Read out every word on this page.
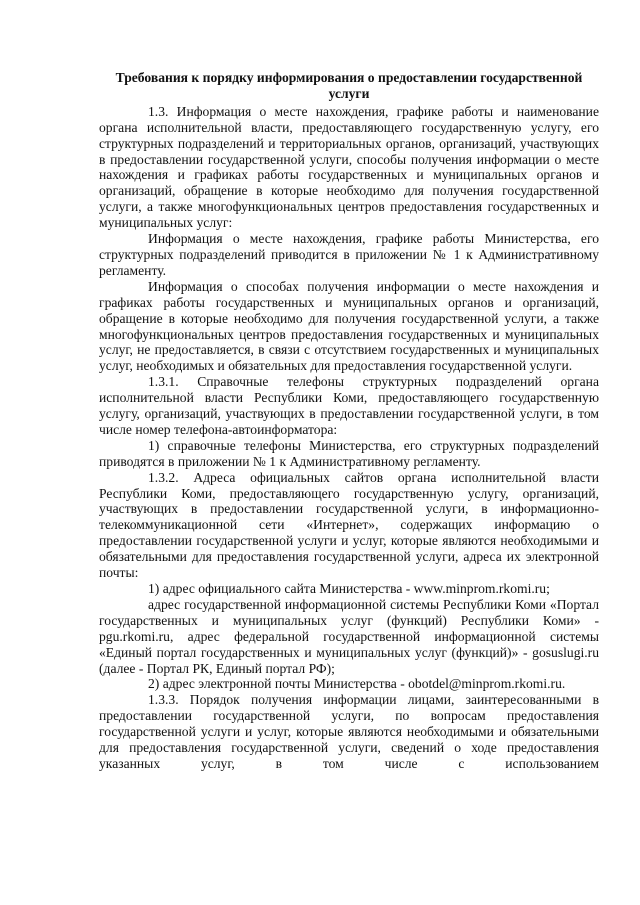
Требования к порядку информирования о предоставлении государственной услуги

1.3. Информация о месте нахождения, графике работы и наименование органа исполнительной власти, предоставляющего государственную услугу, его структурных подразделений и территориальных органов, организаций, участвующих в предоставлении государственной услуги, способы получения информации о месте нахождения и графиках работы государственных и муниципальных органов и организаций, обращение в которые необходимо для получения государственной услуги, а также многофункциональных центров предоставления государственных и муниципальных услуг:

Информация о месте нахождения, графике работы Министерства, его структурных подразделений приводится в приложении № 1 к Административному регламенту.

Информация о способах получения информации о месте нахождения и графиках работы государственных и муниципальных органов и организаций, обращение в которые необходимо для получения государственной услуги, а также многофункциональных центров предоставления государственных и муниципальных услуг, не предоставляется, в связи с отсутствием государственных и муниципальных услуг, необходимых и обязательных для предоставления государственной услуги.

1.3.1. Справочные телефоны структурных подразделений органа исполнительной власти Республики Коми, предоставляющего государственную услугу, организаций, участвующих в предоставлении государственной услуги, в том числе номер телефона-автоинформатора:

1) справочные телефоны Министерства, его структурных подразделений приводятся в приложении № 1 к Административному регламенту.

1.3.2. Адреса официальных сайтов органа исполнительной власти Республики Коми, предоставляющего государственную услугу, организаций, участвующих в предоставлении государственной услуги, в информационно-телекоммуникационной сети «Интернет», содержащих информацию о предоставлении государственной услуги и услуг, которые являются необходимыми и обязательными для предоставления государственной услуги, адреса их электронной почты:

1) адрес официального сайта Министерства - www.minprom.rkomi.ru;

адрес государственной информационной системы Республики Коми «Портал государственных и муниципальных услуг (функций) Республики Коми» - pgu.rkomi.ru, адрес федеральной государственной информационной системы «Единый портал государственных и муниципальных услуг (функций)» - gosuslugi.ru (далее - Портал РК, Единый портал РФ);

2) адрес электронной почты Министерства - obotdel@minprom.rkomi.ru.

1.3.3. Порядок получения информации лицами, заинтересованными в предоставлении государственной услуги, по вопросам предоставления государственной услуги и услуг, которые являются необходимыми и обязательными для предоставления государственной услуги, сведений о ходе предоставления указанных услуг, в том числе с использованием
